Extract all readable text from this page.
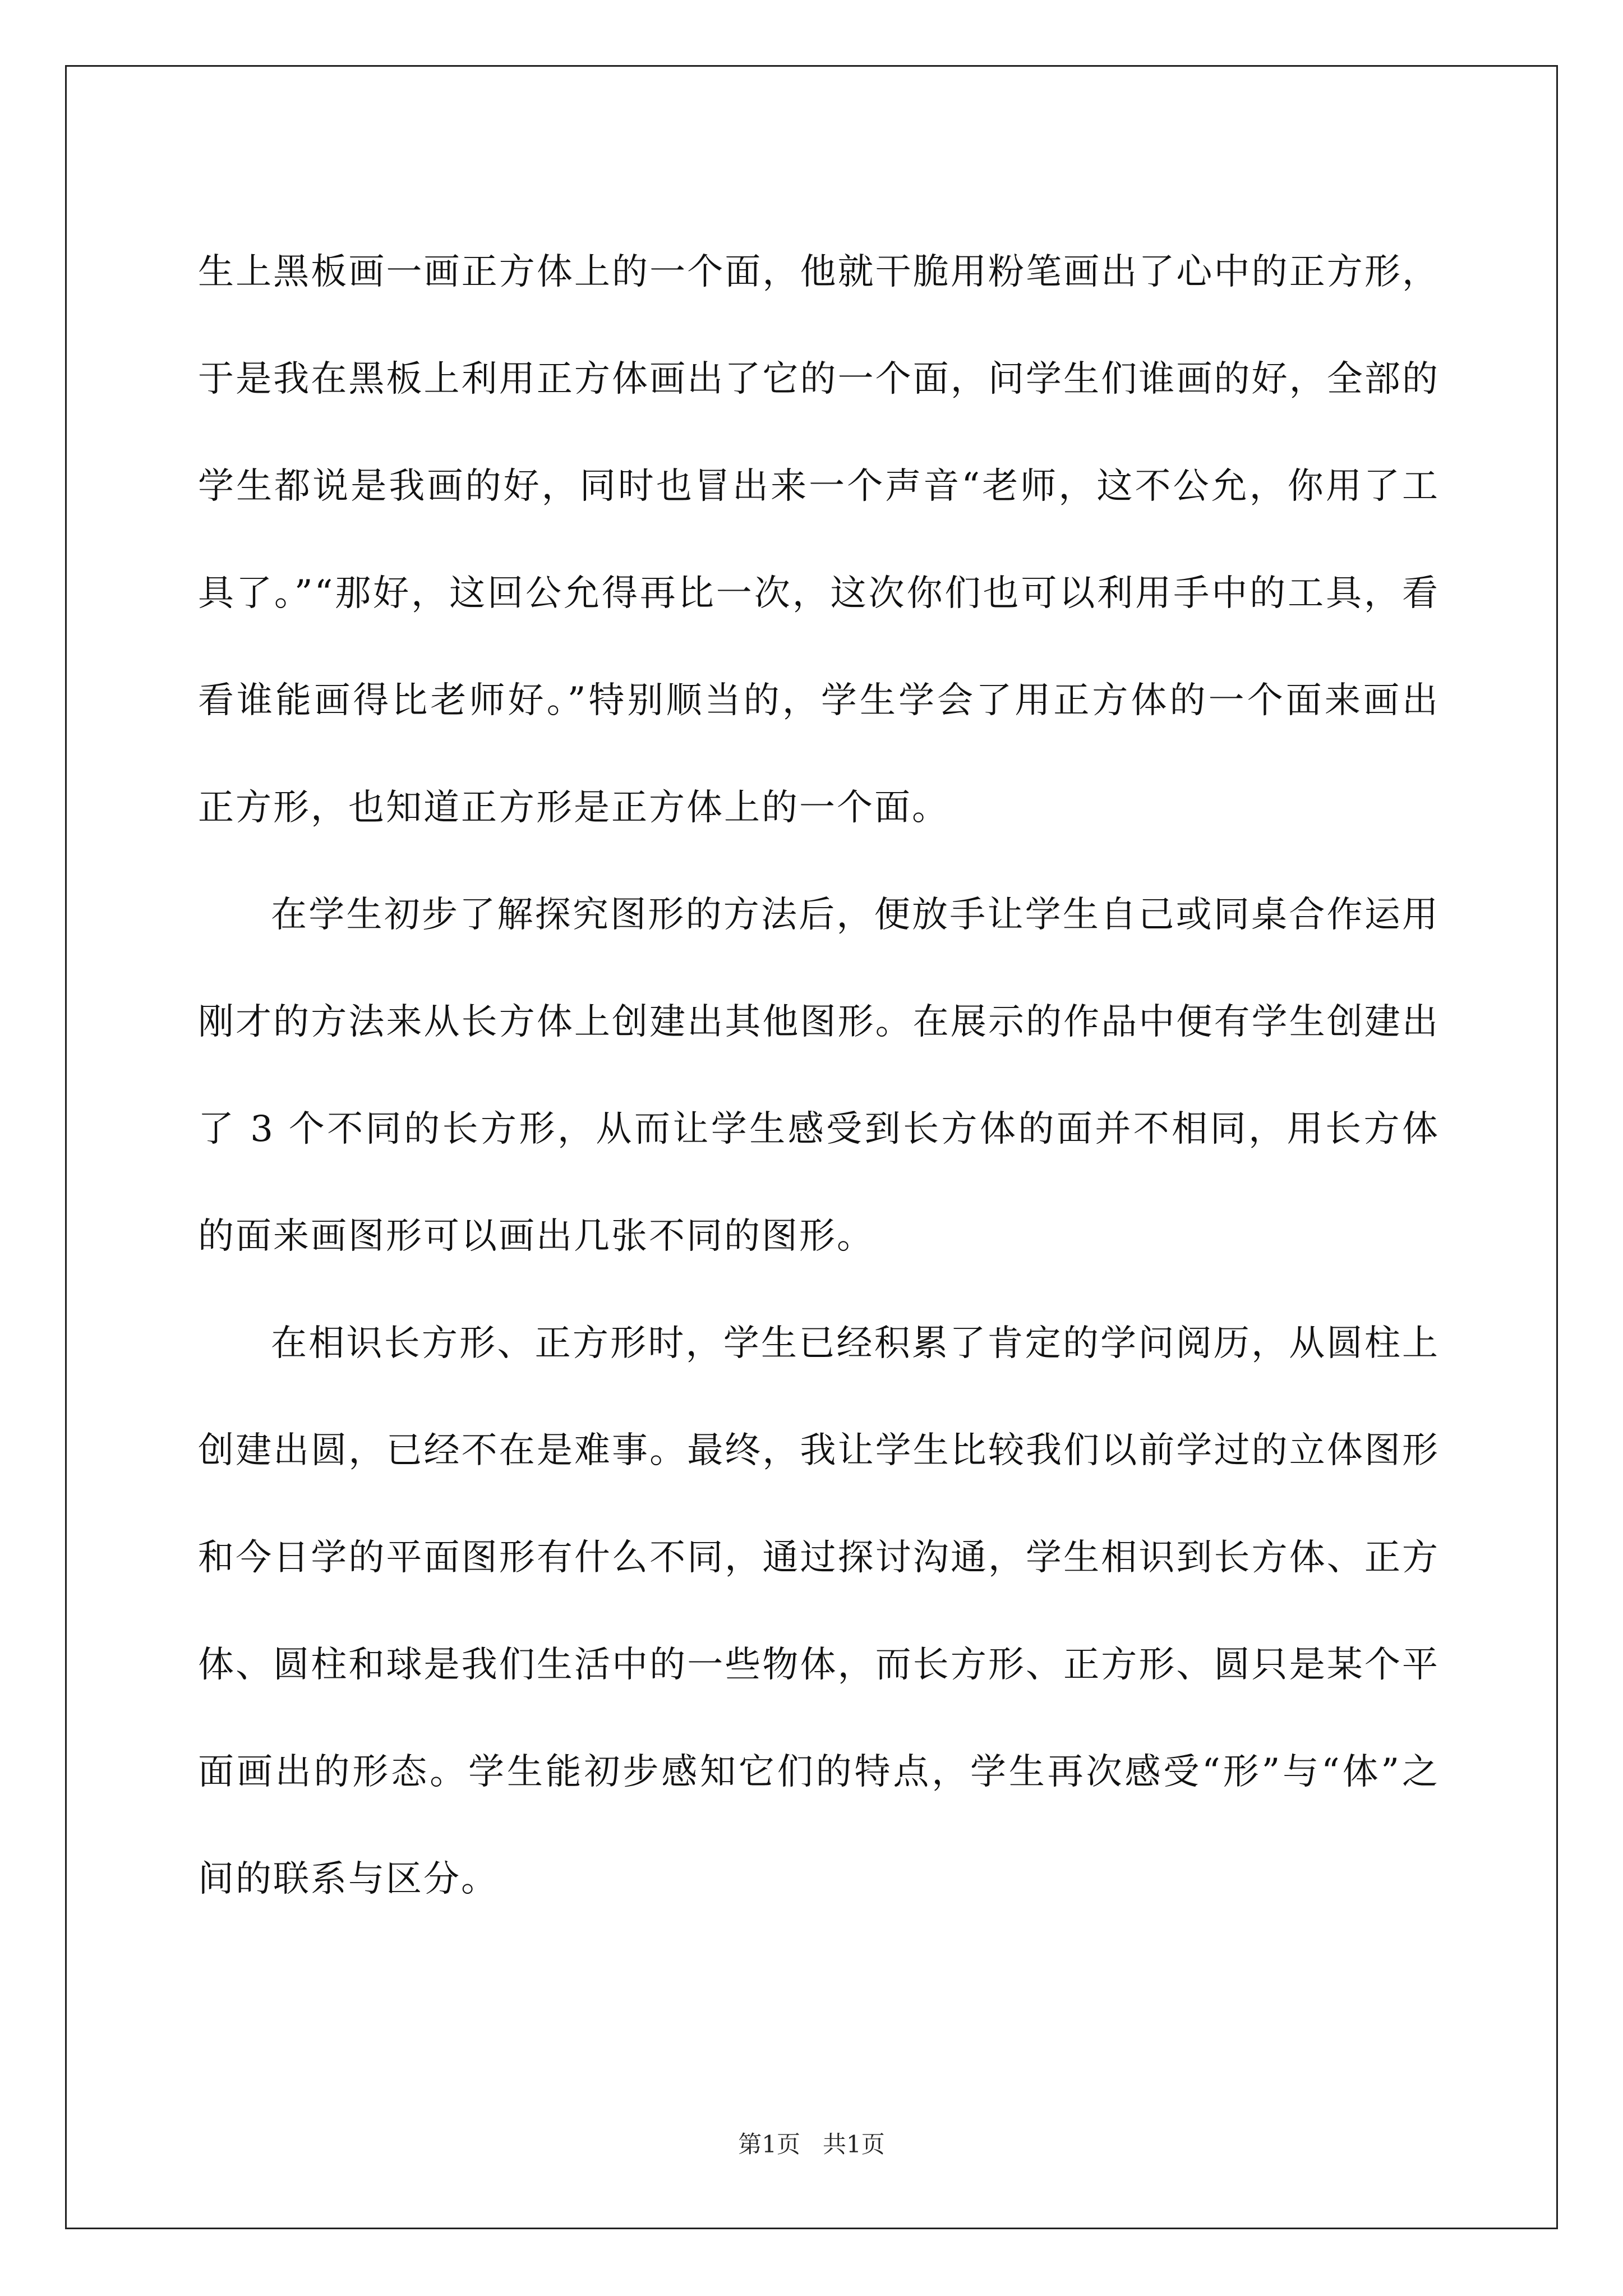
生上黑板画一画正方体上的一个面，他就干脆用粉笔画出了心中的正方形，于是我在黑板上利用正方体画出了它的一个面，问学生们谁画的好，全部的学生都说是我画的好，同时也冒出来一个声音“老师，这不公允，你用了工具了。”“那好，这回公允得再比一次，这次你们也可以利用手中的工具，看看谁能画得比老师好。”特别顺当的，学生学会了用正方体的一个面来画出正方形，也知道正方形是正方体上的一个面。

在学生初步了解探究图形的方法后，便放手让学生自己或同桌合作运用刚才的方法来从长方体上创建出其他图形。在展示的作品中便有学生创建出了 3 个不同的长方形，从而让学生感受到长方体的面并不相同，用长方体的面来画图形可以画出几张不同的图形。

在相识长方形、正方形时，学生已经积累了肯定的学问阅历，从圆柱上创建出圆，已经不在是难事。最终，我让学生比较我们以前学过的立体图形和今日学的平面图形有什么不同，通过探讨沟通，学生相识到长方体、正方体、圆柱和球是我们生活中的一些物体，而长方形、正方形、圆只是某个平面画出的形态。学生能初步感知它们的特点，学生再次感受“形”与“体”之间的联系与区分。

第1页   共1页
